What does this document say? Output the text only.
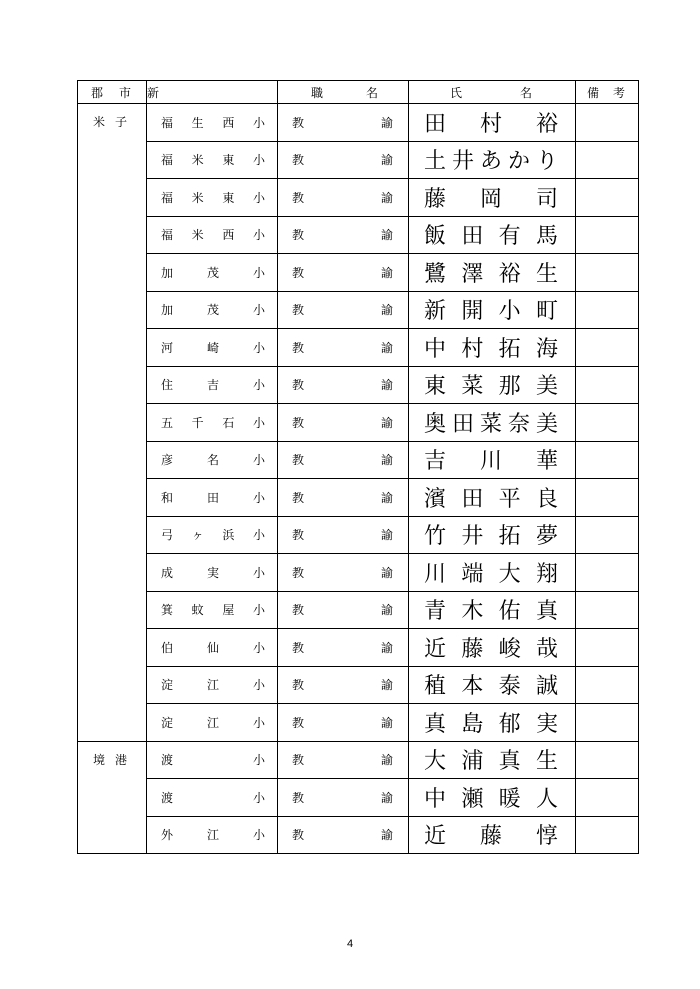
郡 市	新	職 名	氏 名	備 考

米 子	福 生 西 小	教 諭	田 村 裕	

	福 米 東 小	教 諭	土 井 あ か り	

	福 米 東 小	教 諭	藤 岡 司	

	福 米 西 小	教 諭	飯 田 有 馬	

	加 茂 小	教 諭	鷺 澤 裕 生	

	加 茂 小	教 諭	新 開 小 町	

	河 崎 小	教 諭	中 村 拓 海	

	住 吉 小	教 諭	東 菜 那 美	

	五 千 石 小	教 諭	奥 田 菜 奈 美	

	彦 名 小	教 諭	吉 川 華	

	和 田 小	教 諭	濱 田 平 良	

	弓 ヶ 浜 小	教 諭	竹 井 拓 夢	

	成 実 小	教 諭	川 端 大 翔	

	箕 蚊 屋 小	教 諭	青 木 佑 真	

	伯 仙 小	教 諭	近 藤 峻 哉	

	淀 江 小	教 諭	稙 本 泰 誠	

	淀 江 小	教 諭	真 島 郁 実	

境 港	渡 小	教 諭	大 浦 真 生	

	渡 小	教 諭	中 瀬 暖 人	

	外 江 小	教 諭	近 藤 惇	

4
